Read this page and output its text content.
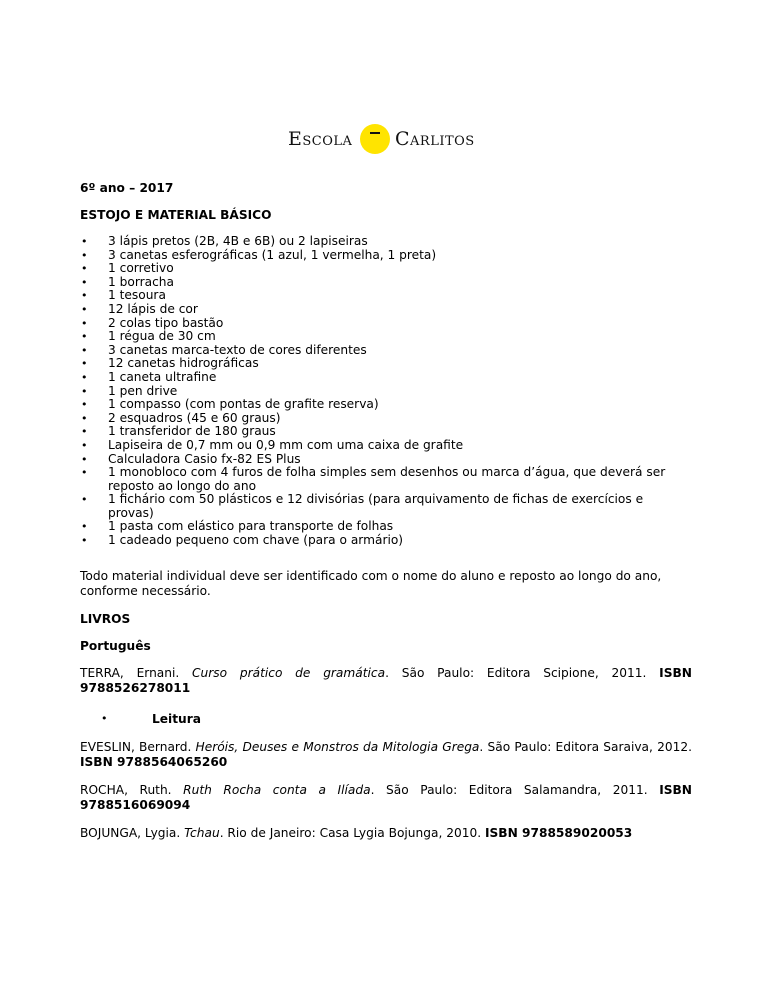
Escola Carlitos
6º ano – 2017
ESTOJO E MATERIAL BÁSICO
• 3 lápis pretos (2B, 4B e 6B) ou 2 lapiseiras
• 3 canetas esferográficas (1 azul, 1 vermelha, 1 preta)
• 1 corretivo
• 1 borracha
• 1 tesoura
• 12 lápis de cor
• 2 colas tipo bastão
• 1 régua de 30 cm
• 3 canetas marca-texto de cores diferentes
• 12 canetas hidrográficas
• 1 caneta ultrafine
• 1 pen drive
• 1 compasso (com pontas de grafite reserva)
• 2 esquadros (45 e 60 graus)
• 1 transferidor de 180 graus
• Lapiseira de 0,7 mm ou 0,9 mm com uma caixa de grafite
• Calculadora Casio fx-82 ES Plus
• 1 monobloco com 4 furos de folha simples sem desenhos ou marca d’água, que deverá ser reposto ao longo do ano
• 1 fichário com 50 plásticos e 12 divisórias (para arquivamento de fichas de exercícios e provas)
• 1 pasta com elástico para transporte de folhas
• 1 cadeado pequeno com chave (para o armário)
Todo material individual deve ser identificado com o nome do aluno e reposto ao longo do ano, conforme necessário.
LIVROS
Português
TERRA, Ernani. Curso prático de gramática. São Paulo: Editora Scipione, 2011. ISBN 9788526278011
•	Leitura
EVESLIN, Bernard. Heróis, Deuses e Monstros da Mitologia Grega. São Paulo: Editora Saraiva, 2012. ISBN 9788564065260
ROCHA, Ruth. Ruth Rocha conta a Ilíada. São Paulo: Editora Salamandra, 2011. ISBN 9788516069094
BOJUNGA, Lygia. Tchau. Rio de Janeiro: Casa Lygia Bojunga, 2010. ISBN 9788589020053
